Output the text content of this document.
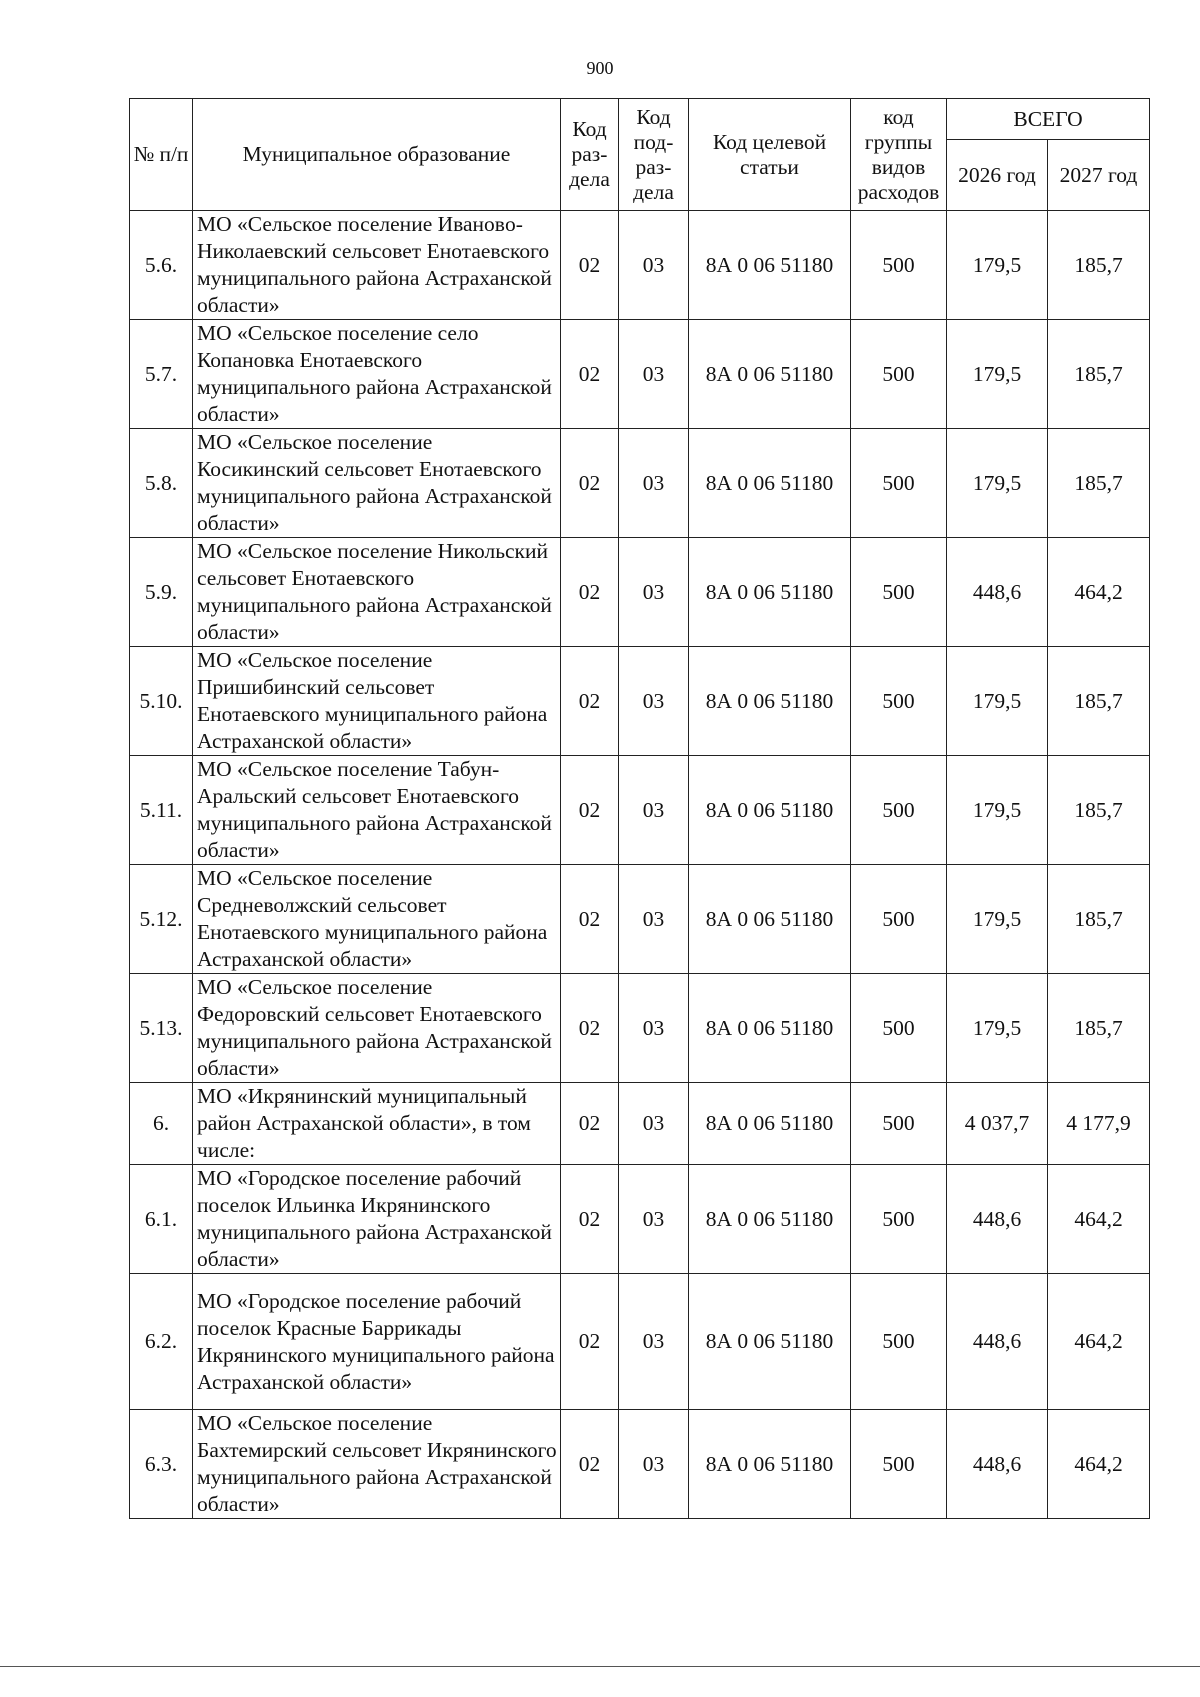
900
№ п/п	Муниципальное образование	Код раз- дела	Код под- раз- дела	Код целевой статьи	код группы видов расходов	ВСЕГО	
						2026 год	2027 год
5.6.	МО «Сельское поселение Ивановo-Николаевский сельсовет Енотаевского муниципального района Астраханской области»	02	03	8А 0 06 51180	500	179,5	185,7
5.7.	МО «Сельское поселение село Копановка Енотаевского муниципального района Астраханской области»	02	03	8А 0 06 51180	500	179,5	185,7
5.8.	МО «Сельское поселение Косикинский сельсовет Енотаевского муниципального района Астраханской области»	02	03	8А 0 06 51180	500	179,5	185,7
5.9.	МО «Сельское поселение Никольский сельсовет Енотаевского муниципального района Астраханской области»	02	03	8А 0 06 51180	500	448,6	464,2
5.10.	МО «Сельское поселение Пришибинский сельсовет Енотаевского муниципального района Астраханской области»	02	03	8А 0 06 51180	500	179,5	185,7
5.11.	МО «Сельское поселение Табун-Аральский сельсовет Енотаевского муниципального района Астраханской области»	02	03	8А 0 06 51180	500	179,5	185,7
5.12.	МО «Сельское поселение Средневолжский сельсовет Енотаевского муниципального района Астраханской области»	02	03	8А 0 06 51180	500	179,5	185,7
5.13.	МО «Сельское поселение Федоровский сельсовет Енотаевского муниципального района Астраханской области»	02	03	8А 0 06 51180	500	179,5	185,7
6.	МО «Икрянинский муниципальный район Астраханской области», в том числе:	02	03	8А 0 06 51180	500	4 037,7	4 177,9
6.1.	МО «Городское поселение рабочий поселок Ильинка Икрянинского муниципального района Астраханской области»	02	03	8А 0 06 51180	500	448,6	464,2
6.2.	МО «Городское поселение рабочий поселок Красные Баррикады Икрянинского муниципального района Астраханской области»	02	03	8А 0 06 51180	500	448,6	464,2
6.3.	МО «Сельское поселение Бахтемирский сельсовет Икрянинского муниципального района Астраханской области»	02	03	8А 0 06 51180	500	448,6	464,2
